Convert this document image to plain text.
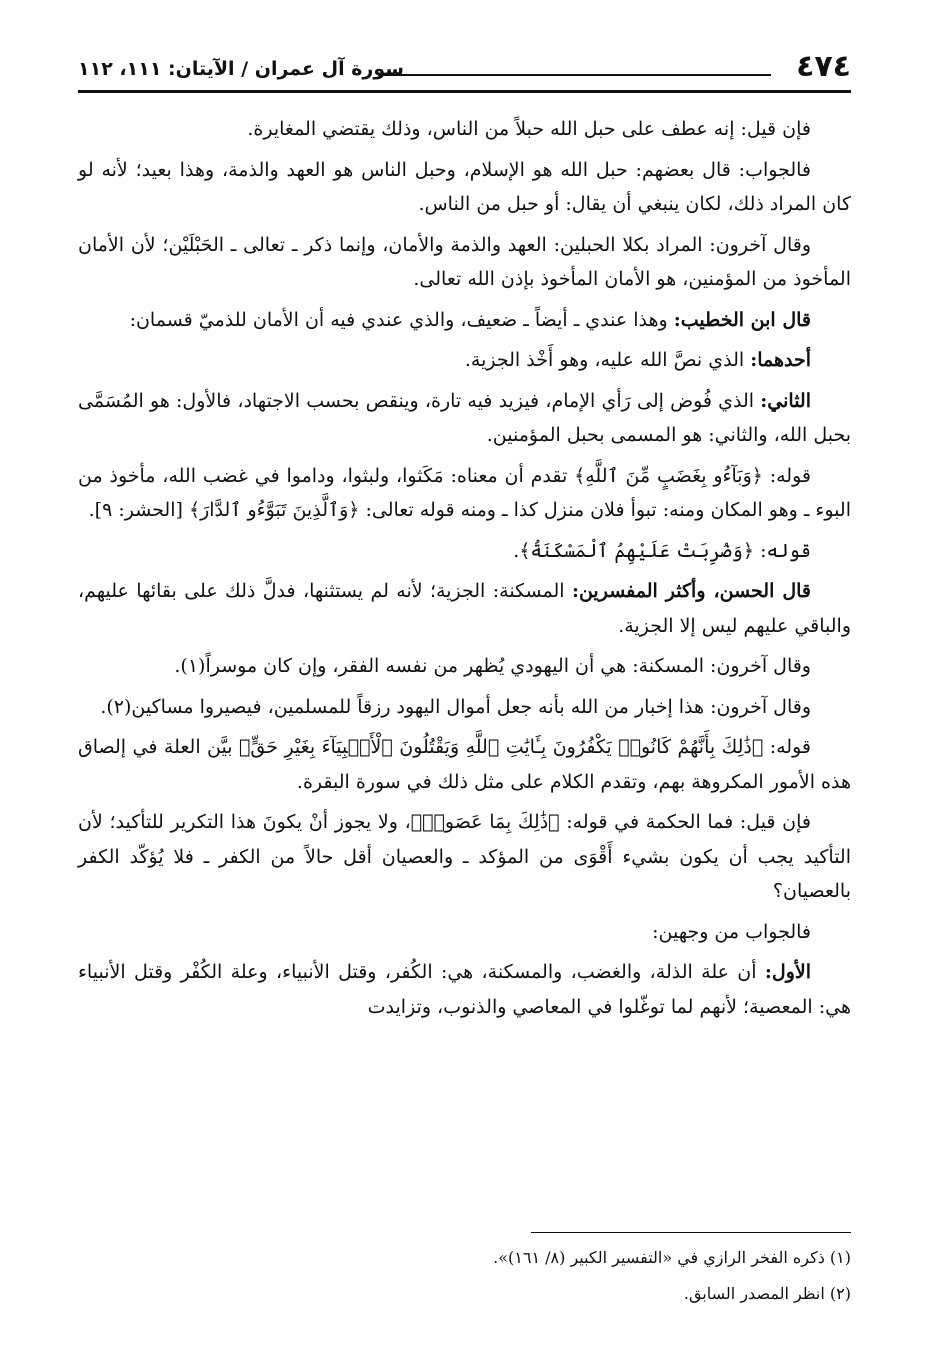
٤٧٤
سورة آل عمران / الآيتان: ١١١، ١١٢

فإن قيل: إنه عطف على حبل الله حبلاً من الناس، وذلك يقتضي المغايرة.

فالجواب: قال بعضهم: حبل الله هو الإسلام، وحبل الناس هو العهد والذمة، وهذا بعيد؛ لأنه لو كان المراد ذلك، لكان ينبغي أن يقال: أو حبل من الناس.

وقال آخرون: المراد بكلا الحبلين: العهد والذمة والأمان، وإنما ذكر ـ تعالى ـ الحَبْلَيْن؛ لأن الأمان المأخوذ من المؤمنين، هو الأمان المأخوذ بإذن الله تعالى.

قال ابن الخطيب: وهذا عندي ـ أيضاً ـ ضعيف، والذي عندي فيه أن الأمان للذميّ قسمان:

أحدهما: الذي نصَّ الله عليه، وهو أَخْذ الجزية.

الثاني: الذي فُوض إلى رَأي الإمام، فيزيد فيه تارة، وينقص بحسب الاجتهاد، فالأول: هو المُسَمَّى بحبل الله، والثاني: هو المسمى بحبل المؤمنين.

قوله: ﴿وَبَآءُو بِغَضَبٍ مِّنَ ٱللَّهِ﴾ تقدم أن معناه: مَكَثوا، ولبثوا، وداموا في غضب الله، مأخوذ من البوء ـ وهو المكان ومنه: تبوأ فلان منزل كذا ـ ومنه قوله تعالى: ﴿وَٱلَّذِينَ تَبَوَّءُو ٱلدَّارَ﴾ [الحشر: ٩].

قوله: ﴿وَضُرِبَتْ عَلَيْهِمُ ٱلْمَسْكَنَةُ﴾.

قال الحسن، وأكثر المفسرين: المسكنة: الجزية؛ لأنه لم يستثنها، فدلَّ ذلك على بقائها عليهم، والباقي عليهم ليس إلا الجزية.

وقال آخرون: المسكنة: هي أن اليهودي يُظهر من نفسه الفقر، وإن كان موسراً(١).

وقال آخرون: هذا إخبار من الله بأنه جعل أموال اليهود رزقاً للمسلمين، فيصيروا مساكين(٢).

قوله: ﴿ذَٰلِكَ بِأَنَّهُمْ كَانُوا۟ يَكْفُرُونَ بِـَٔايَٰتِ ٱللَّهِ وَيَقْتُلُونَ ٱلْأَنۢبِيَآءَ بِغَيْرِ حَقٍّ﴾ بيَّن العلة في إلصاق هذه الأمور المكروهة بهم، وتقدم الكلام على مثل ذلك في سورة البقرة.

فإن قيل: فما الحكمة في قوله: ﴿ذَٰلِكَ بِمَا عَصَوا۟﴾، ولا يجوز أنْ يكونَ هذا التكرير للتأكيد؛ لأن التأكيد يجب أن يكون بشيء أَقْوَى من المؤكد ـ والعصيان أقل حالاً من الكفر ـ فلا يُؤكّد الكفر بالعصيان؟

فالجواب من وجهين:

الأول: أن علة الذلة، والغضب، والمسكنة، هي: الكُفر، وقتل الأنبياء، وعلة الكُفْر وقتل الأنبياء هي: المعصية؛ لأنهم لما توغّلوا في المعاصي والذنوب، وتزايدت

(١) ذكره الفخر الرازي في «التفسير الكبير (٨/ ١٦١)».

(٢) انظر المصدر السابق.
